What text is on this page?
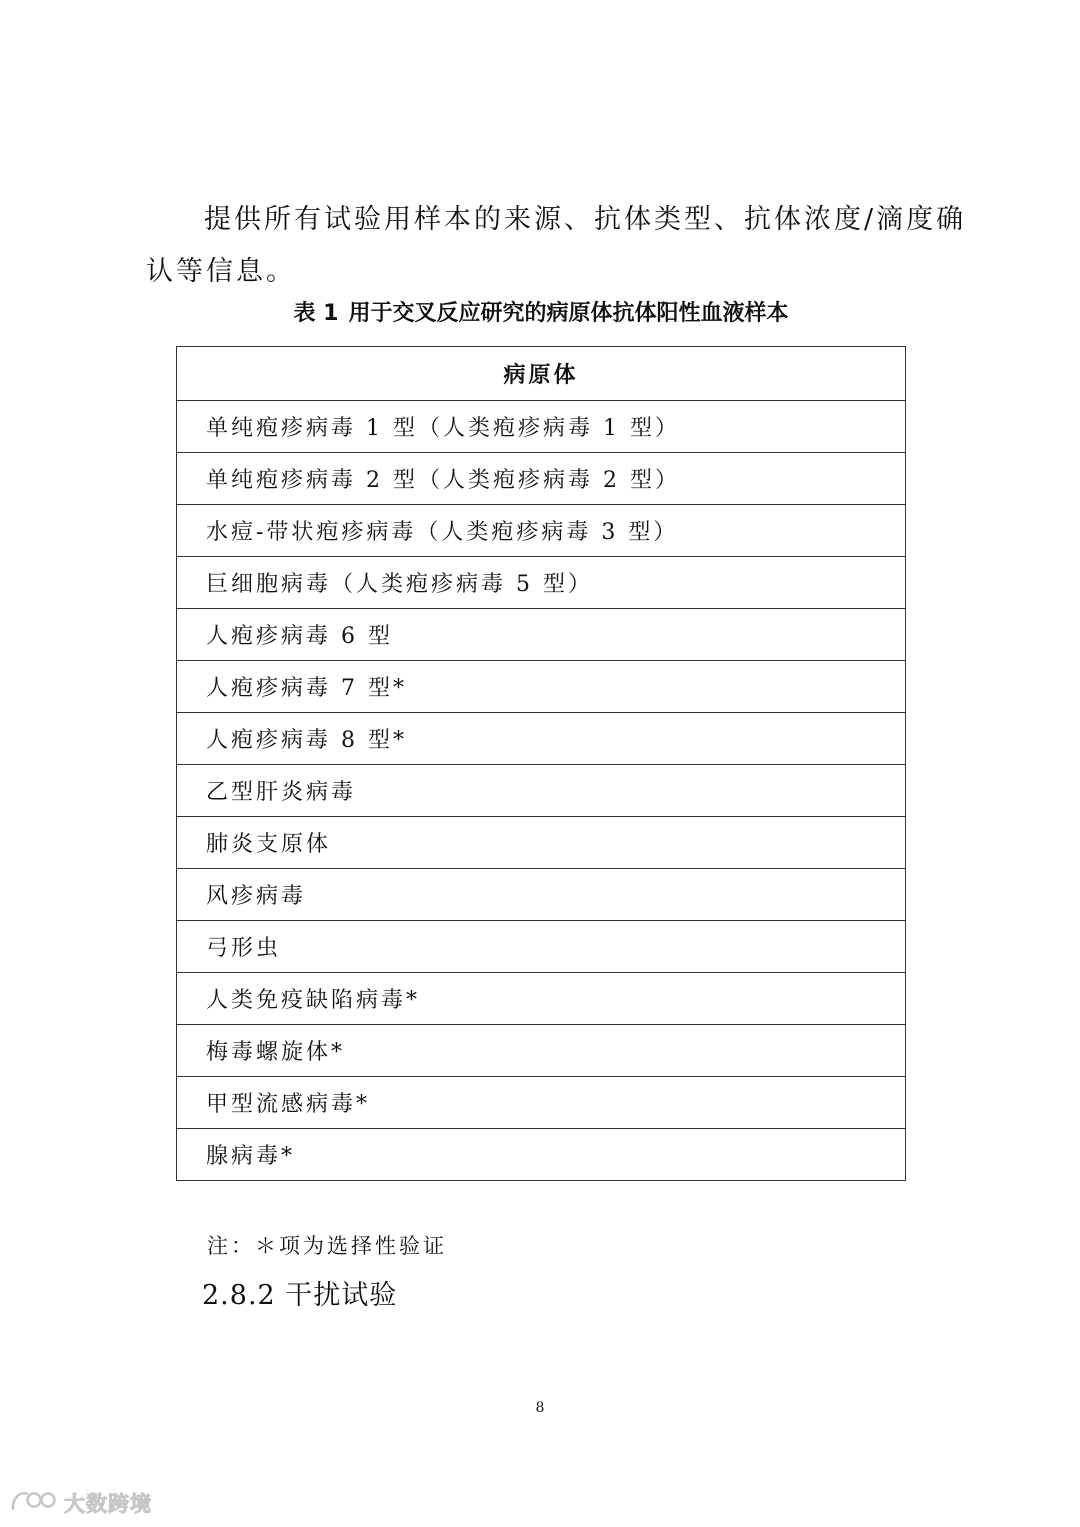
提供所有试验用样本的来源、抗体类型、抗体浓度/滴度确
认等信息。

表 1 用于交叉反应研究的病原体抗体阳性血液样本

病原体
单纯疱疹病毒 1 型（人类疱疹病毒 1 型）
单纯疱疹病毒 2 型（人类疱疹病毒 2 型）
水痘-带状疱疹病毒（人类疱疹病毒 3 型）
巨细胞病毒（人类疱疹病毒 5 型）
人疱疹病毒 6 型
人疱疹病毒 7 型*
人疱疹病毒 8 型*
乙型肝炎病毒
肺炎支原体
风疹病毒
弓形虫
人类免疫缺陷病毒*
梅毒螺旋体*
甲型流感病毒*
腺病毒*

注：＊项为选择性验证

2.8.2 干扰试验

8

大数跨境
